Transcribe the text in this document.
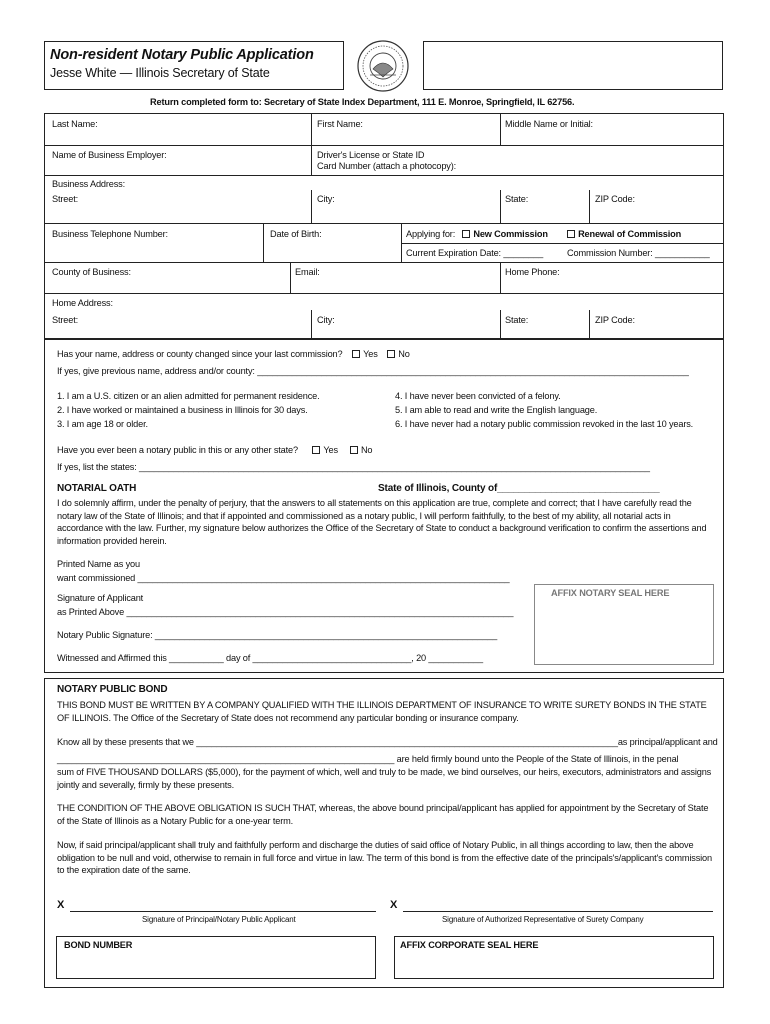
Non-resident Notary Public Application
Jesse White — Illinois Secretary of State
Return completed form to: Secretary of State Index Department, 111 E. Monroe, Springfield, IL 62756.
Last Name:	First Name:	Middle Name or Initial:
Name of Business Employer:	Driver's License or State ID
Card Number (attach a photocopy):
Business Address:
Street:	City:	State:	ZIP Code:
Business Telephone Number:	Date of Birth:	Applying for: New Commission	Renewal of Commission
Current Expiration Date: ________	Commission Number: ___________
County of Business:	Email:	Home Phone:
Home Address:
Street:	City:	State:	ZIP Code:
Has your name, address or county changed since your last commission? Yes No
If yes, give previous name, address and/or county: _______________________________________________________________________________________
1. I am a U.S. citizen or an alien admitted for permanent residence.
2. I have worked or maintained a business in Illinois for 30 days.
3. I am age 18 or older.
4. I have never been convicted of a felony.
5. I am able to read and write the English language.
6. I have never had a notary public commission revoked in the last 10 years.
Have you ever been a notary public in this or any other state?	Yes	No
If yes, list the states: _______________________________________________________________________________________________________
NOTARIAL OATH	State of Illinois, County of______________________________
I do solemnly affirm, under the penalty of perjury, that the answers to all statements on this application are true, complete and correct; that I have carefully read the notary law of the State of Illinois; and that if appointed and commissioned as a notary public, I will perform faithfully, to the best of my ability, all notarial acts in accordance with the law. Further, my signature below authorizes the Office of the Secretary of State to conduct a background verification to confirm the assertions and information provided herein.
Printed Name as you
want commissioned ___________________________________________________________________________
Signature of Applicant
as Printed Above ______________________________________________________________________________
Notary Public Signature: _____________________________________________________________________
Witnessed and Affirmed this ___________ day of ________________________________, 20 ___________
AFFIX NOTARY SEAL HERE
NOTARY PUBLIC BOND
THIS BOND MUST BE WRITTEN BY A COMPANY QUALIFIED WITH THE ILLINOIS DEPARTMENT OF INSURANCE TO WRITE SURETY BONDS IN THE STATE OF ILLINOIS. The Office of the Secretary of State does not recommend any particular bonding or insurance company.
Know all by these presents that we _____________________________________________________________________________________as principal/applicant and
____________________________________________________________________ are held firmly bound unto the People of the State of Illinois, in the penal
sum of FIVE THOUSAND DOLLARS ($5,000), for the payment of which, well and truly to be made, we bind ourselves, our heirs, executors, administrators and assigns jointly and severally, firmly by these presents.
THE CONDITION OF THE ABOVE OBLIGATION IS SUCH THAT, whereas, the above bound principal/applicant has applied for appointment by the Secretary of State of the State of Illinois as a Notary Public for a one-year term.
Now, if said principal/applicant shall truly and faithfully perform and discharge the duties of said office of Notary Public, in all things according to law, then the above obligation to be null and void, otherwise to remain in full force and virtue in law. The term of this bond is from the effective date of the principals's/applicant's commission to the expiration date of the same.
X
Signature of Principal/Notary Public Applicant
X
Signature of Authorized Representative of Surety Company
BOND NUMBER	AFFIX CORPORATE SEAL HERE
